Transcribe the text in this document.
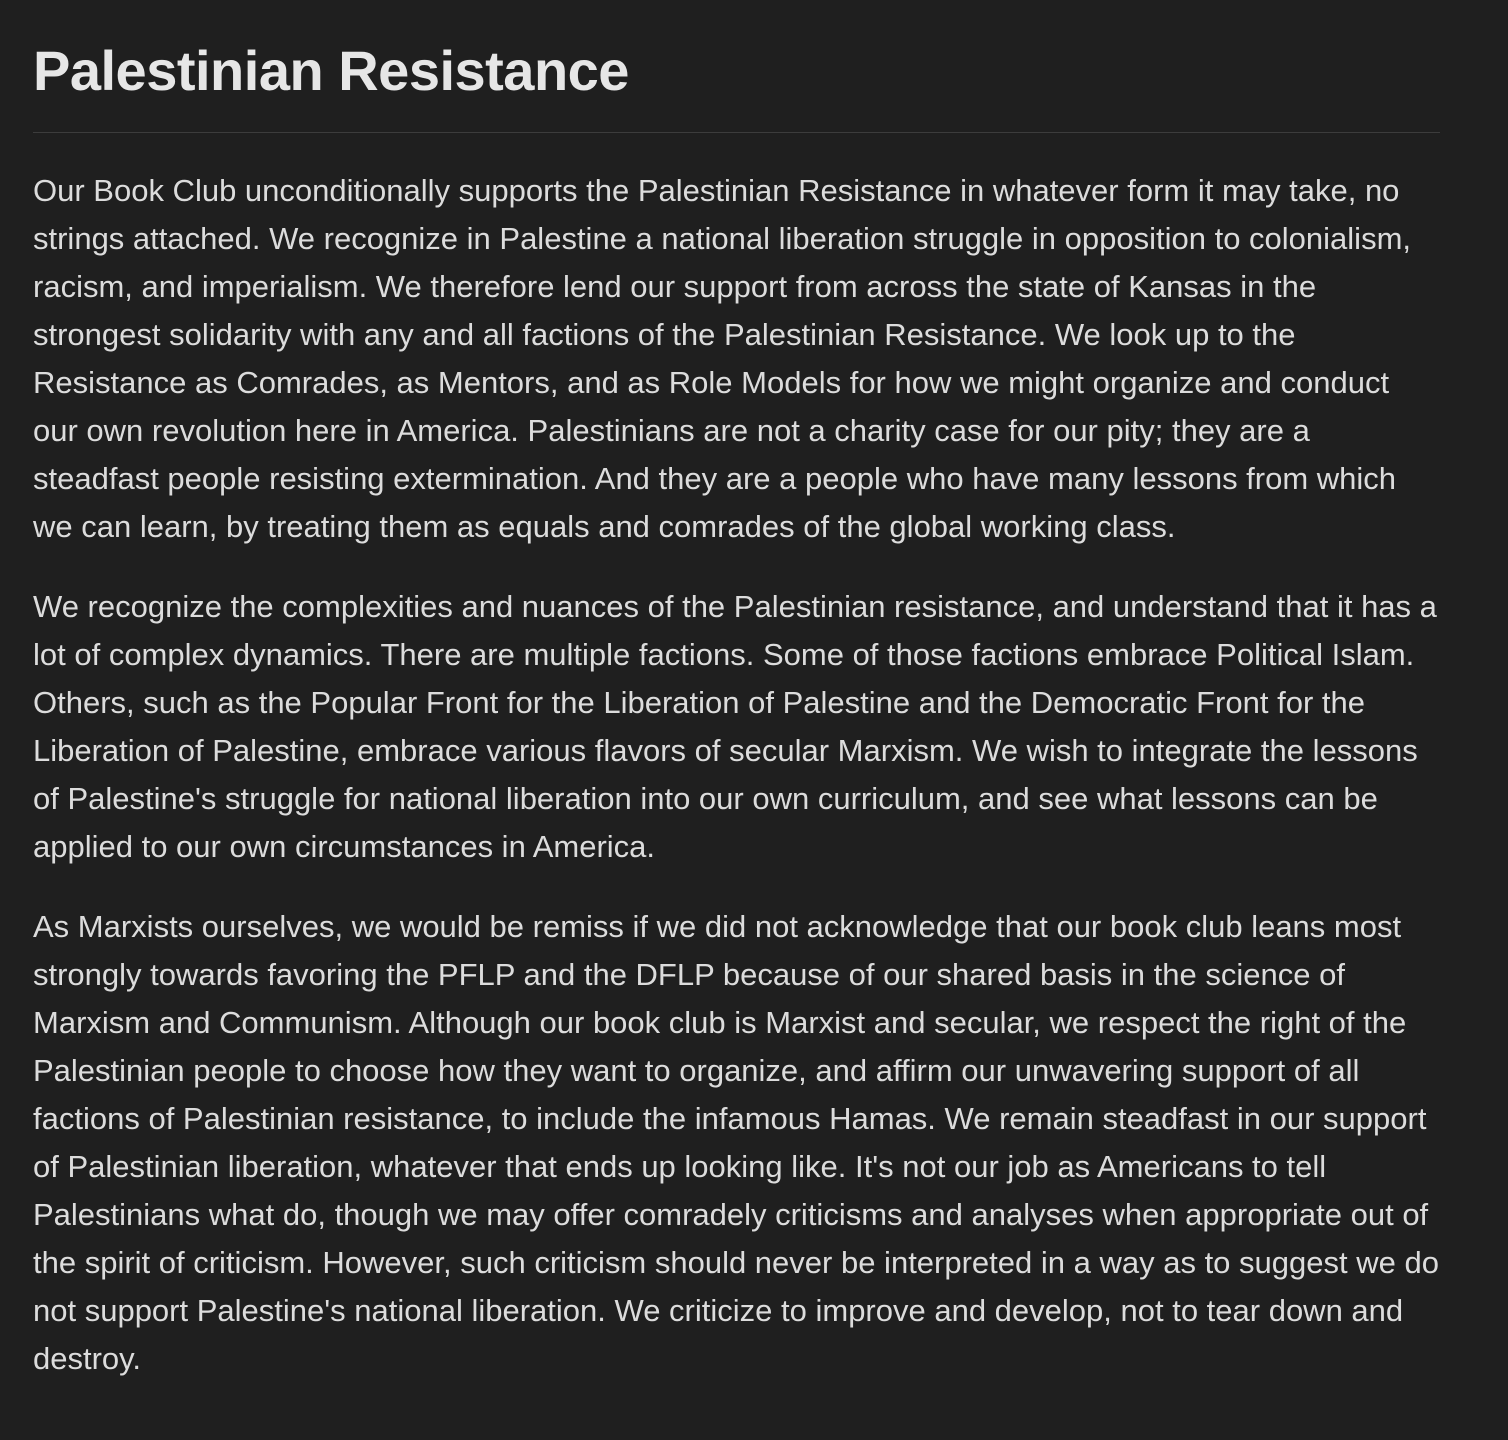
Palestinian Resistance

Our Book Club unconditionally supports the Palestinian Resistance in whatever form it may take, no strings attached. We recognize in Palestine a national liberation struggle in opposition to colonialism, racism, and imperialism. We therefore lend our support from across the state of Kansas in the strongest solidarity with any and all factions of the Palestinian Resistance. We look up to the Resistance as Comrades, as Mentors, and as Role Models for how we might organize and conduct our own revolution here in America. Palestinians are not a charity case for our pity; they are a steadfast people resisting extermination. And they are a people who have many lessons from which we can learn, by treating them as equals and comrades of the global working class.

We recognize the complexities and nuances of the Palestinian resistance, and understand that it has a lot of complex dynamics. There are multiple factions. Some of those factions embrace Political Islam. Others, such as the Popular Front for the Liberation of Palestine and the Democratic Front for the Liberation of Palestine, embrace various flavors of secular Marxism. We wish to integrate the lessons of Palestine's struggle for national liberation into our own curriculum, and see what lessons can be applied to our own circumstances in America.

As Marxists ourselves, we would be remiss if we did not acknowledge that our book club leans most strongly towards favoring the PFLP and the DFLP because of our shared basis in the science of Marxism and Communism. Although our book club is Marxist and secular, we respect the right of the Palestinian people to choose how they want to organize, and affirm our unwavering support of all factions of Palestinian resistance, to include the infamous Hamas. We remain steadfast in our support of Palestinian liberation, whatever that ends up looking like. It's not our job as Americans to tell Palestinians what do, though we may offer comradely criticisms and analyses when appropriate out of the spirit of criticism. However, such criticism should never be interpreted in a way as to suggest we do not support Palestine's national liberation. We criticize to improve and develop, not to tear down and destroy.
